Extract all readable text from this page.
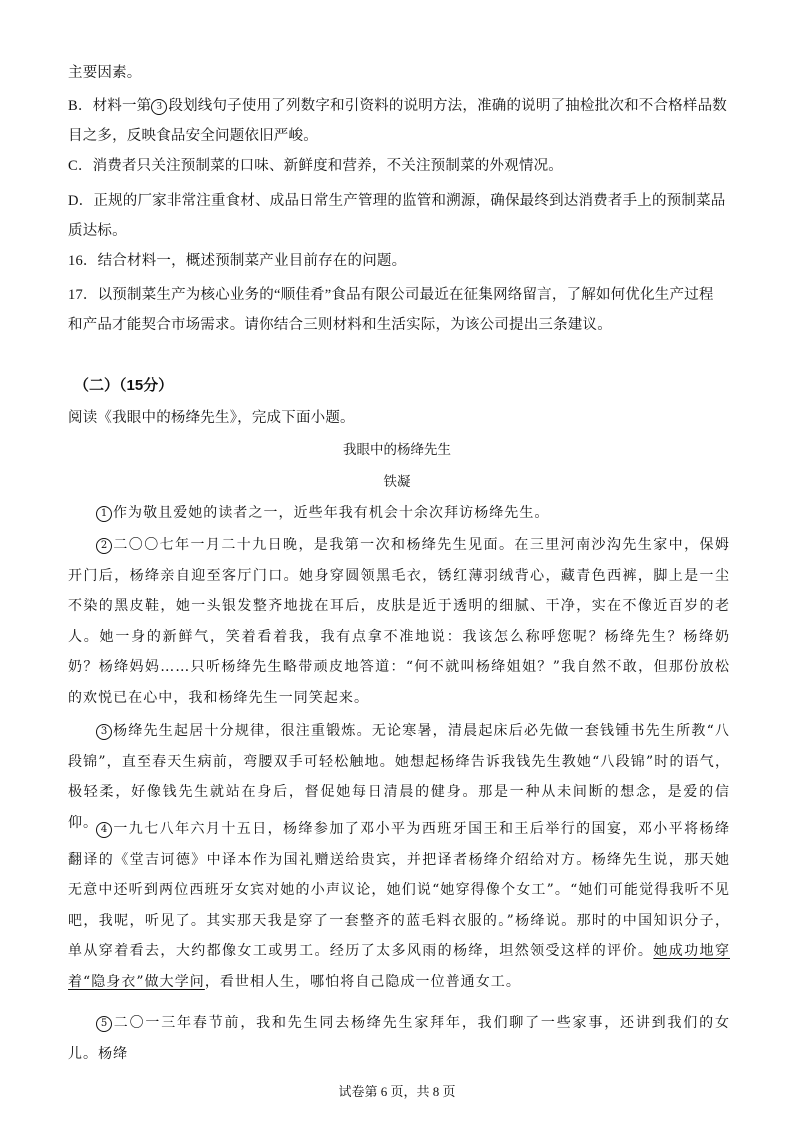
主要因素。
B．材料一第 3 段划线句子使用了列数字和引资料的说明方法，准确的说明了抽检批次和不合格样品数目之多，反映食品安全问题依旧严峻。
C．消费者只关注预制菜的口味、新鲜度和营养，不关注预制菜的外观情况。
D．正规的厂家非常注重食材、成品日常生产管理的监管和溯源，确保最终到达消费者手上的预制菜品质达标。
16．结合材料一，概述预制菜产业目前存在的问题。
17．以预制菜生产为核心业务的“顺佳肴”食品有限公司最近在征集网络留言，了解如何优化生产过程和产品才能契合市场需求。请你结合三则材料和生活实际，为该公司提出三条建议。
（二）（15分）
阅读《我眼中的杨绛先生》，完成下面小题。
我眼中的杨绛先生
铁凝
1 作为敬且爱她的读者之一，近些年我有机会十余次拜访杨绛先生。
2 二〇〇七年一月二十九日晚，是我第一次和杨绛先生见面。在三里河南沙沟先生家中，保姆开门后，杨绛亲自迎至客厅门口。她身穿圆领黑毛衣，锈红薄羽绒背心，藏青色西裤，脚上是一尘不染的黑皮鞋，她一头银发整齐地拢在耳后，皮肤是近于透明的细腻、干净，实在不像近百岁的老人。她一身的新鲜气，笑着看着我，我有点拿不准地说：我该怎么称呼您呢？杨绛先生？杨绛奶奶？杨绛妈妈……只听杨绛先生略带顽皮地答道：“何不就叫杨绛姐姐？”我自然不敢，但那份放松的欢悦已在心中，我和杨绛先生一同笑起来。
3 杨绛先生起居十分规律，很注重锻炼。无论寒暑，清晨起床后必先做一套钱锺书先生所教“八段锦”，直至春天生病前，弯腰双手可轻松触地。她想起杨绛告诉我钱先生教她“八段锦”时的语气，极轻柔，好像钱先生就站在身后，督促她每日清晨的健身。那是一种从未间断的想念，是爱的信仰。 4 一九七八年六月十五日，杨绛参加了邓小平为西班牙国王和王后举行的国宴，邓小平将杨绛翻译的《堂吉诃德》中译本作为国礼赠送给贵宾，并把译者杨绛介绍给对方。杨绛先生说，那天她无意中还听到两位西班牙女宾对她的小声议论，她们说“她穿得像个女工”。“她们可能觉得我听不见吧，我呢，听见了。其实那天我是穿了一套整齐的蓝毛料衣服的。”杨绛说。那时的中国知识分子，单从穿着看去，大约都像女工或男工。经历了太多风雨的杨绛，坦然领受这样的评价。她成功地穿着“隐身衣”做大学问，看世相人生，哪怕将自己隐成一位普通女工。
5 二〇一三年春节前，我和先生同去杨绛先生家拜年，我们聊了一些家事，还讲到我们的女儿。杨绛
试卷第 6 页，共 8 页
